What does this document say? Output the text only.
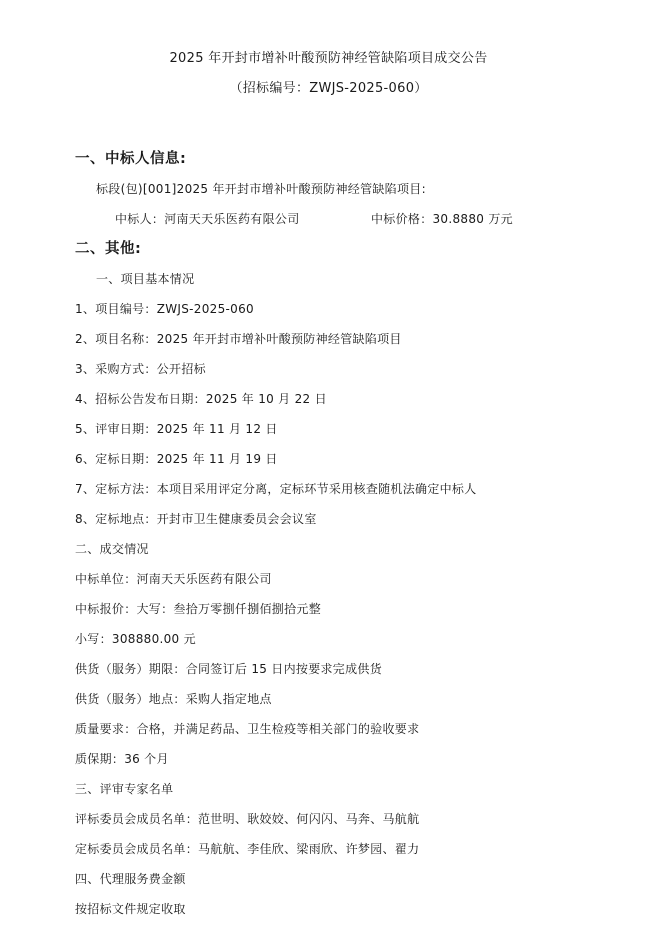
2025 年开封市增补叶酸预防神经管缺陷项目成交公告
（招标编号：ZWJS-2025-060）
一、中标人信息:
标段(包)[001]2025 年开封市增补叶酸预防神经管缺陷项目:
中标人：河南天天乐医药有限公司	中标价格：30.8880 万元
二、其他:
一、项目基本情况
1、项目编号：ZWJS-2025-060
2、项目名称：2025 年开封市增补叶酸预防神经管缺陷项目
3、采购方式：公开招标
4、招标公告发布日期：2025 年 10 月 22 日
5、评审日期：2025 年 11 月 12 日
6、定标日期：2025 年 11 月 19 日
7、定标方法：本项目采用评定分离，定标环节采用核查随机法确定中标人
8、定标地点：开封市卫生健康委员会会议室
二、成交情况
中标单位：河南天天乐医药有限公司
中标报价：大写：叁拾万零捌仟捌佰捌拾元整
小写：308880.00 元
供货（服务）期限：合同签订后 15 日内按要求完成供货
供货（服务）地点：采购人指定地点
质量要求：合格，并满足药品、卫生检疫等相关部门的验收要求
质保期：36 个月
三、评审专家名单
评标委员会成员名单：范世明、耿姣姣、何闪闪、马奔、马航航
定标委员会成员名单：马航航、李佳欣、梁雨欣、许梦园、翟力
四、代理服务费金额
按招标文件规定收取
